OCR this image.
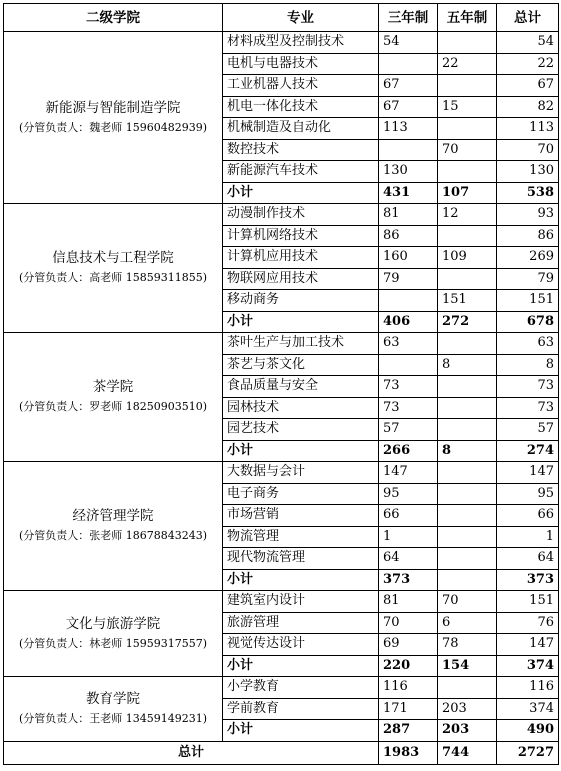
二级学院	专业	三年制	五年制	总计

新能源与智能制造学院
(分管负责人：魏老师 15960482939)	材料成型及控制技术	54		54
	电机与电器技术		22	22
	工业机器人技术	67		67
	机电一体化技术	67	15	82
	机械制造及自动化	113		113
	数控技术		70	70
	新能源汽车技术	130		130
	小计	431	107	538

信息技术与工程学院
(分管负责人：高老师 15859311855)	动漫制作技术	81	12	93
	计算机网络技术	86		86
	计算机应用技术	160	109	269
	物联网应用技术	79		79
	移动商务		151	151
	小计	406	272	678

茶学院
(分管负责人：罗老师 18250903510)	茶叶生产与加工技术	63		63
	茶艺与茶文化		8	8
	食品质量与安全	73		73
	园林技术	73		73
	园艺技术	57		57
	小计	266	8	274

经济管理学院
(分管负责人：张老师 18678843243)	大数据与会计	147		147
	电子商务	95		95
	市场营销	66		66
	物流管理	1		1
	现代物流管理	64		64
	小计	373		373

文化与旅游学院
(分管负责人：林老师 15959317557)	建筑室内设计	81	70	151
	旅游管理	70	6	76
	视觉传达设计	69	78	147
	小计	220	154	374

教育学院
(分管负责人：王老师 13459149231)	小学教育	116		116
	学前教育	171	203	374
	小计	287	203	490
总计		1983	744	2727
